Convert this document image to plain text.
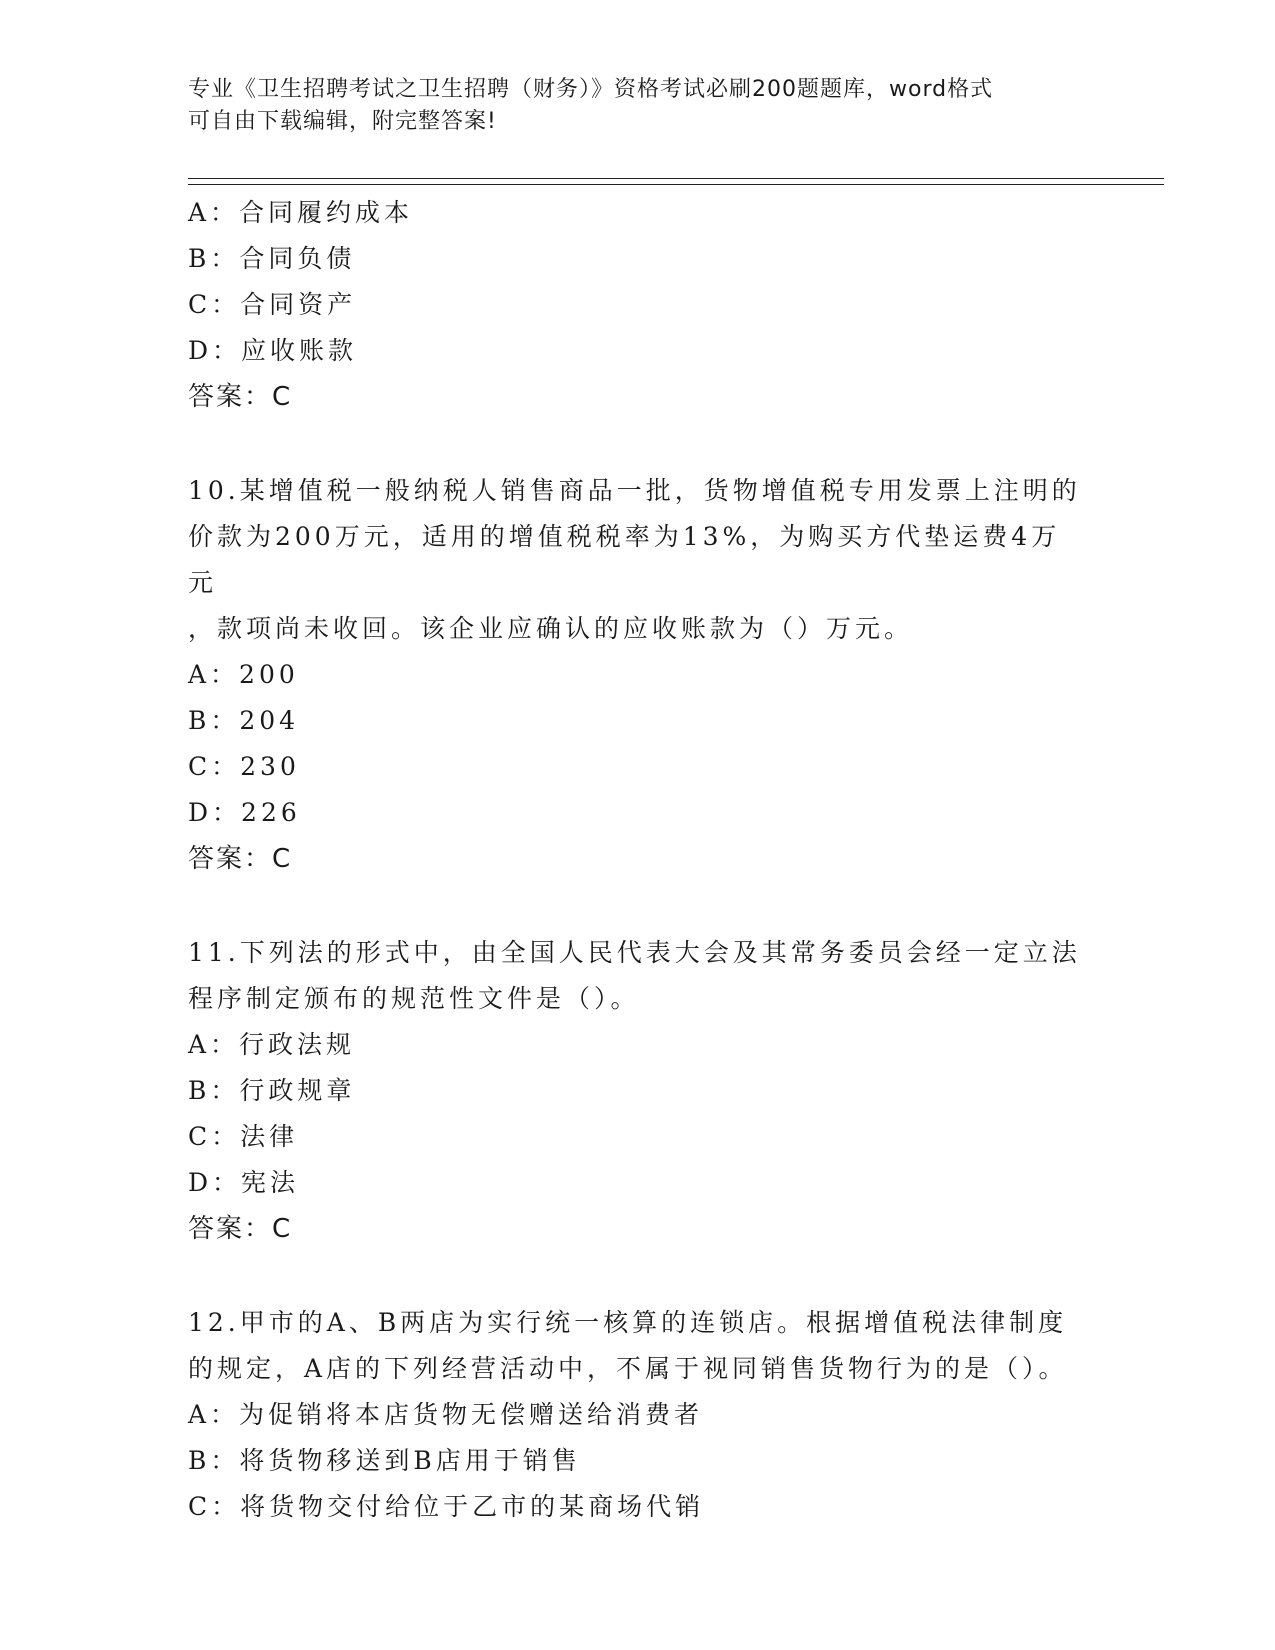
专业《卫生招聘考试之卫生招聘（财务）》资格考试必刷200题题库，word格式
可自由下载编辑，附完整答案!
A：合同履约成本
B：合同负债
C：合同资产
D：应收账款
答案：C
10.某增值税一般纳税人销售商品一批，货物增值税专用发票上注明的
价款为200万元，适用的增值税税率为13%，为购买方代垫运费4万元
，款项尚未收回。该企业应确认的应收账款为（）万元。
A：200
B：204
C：230
D：226
答案：C
11.下列法的形式中，由全国人民代表大会及其常务委员会经一定立法
程序制定颁布的规范性文件是（）。
A：行政法规
B：行政规章
C：法律
D：宪法
答案：C
12.甲市的A、B两店为实行统一核算的连锁店。根据增值税法律制度
的规定，A店的下列经营活动中，不属于视同销售货物行为的是（）。
A：为促销将本店货物无偿赠送给消费者
B：将货物移送到B店用于销售
C：将货物交付给位于乙市的某商场代销
